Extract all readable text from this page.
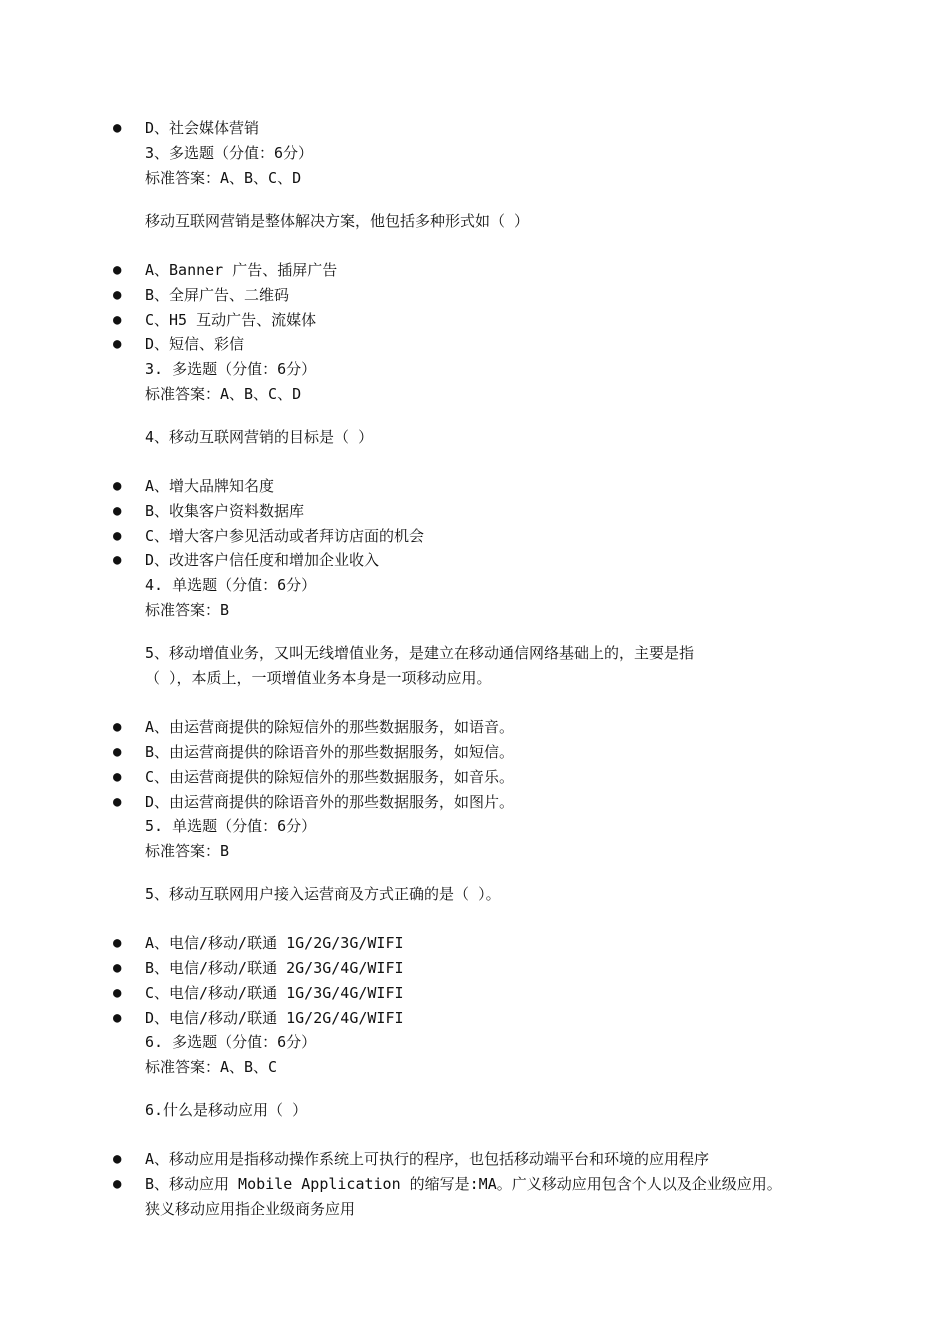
● D、社会媒体营销
3、多选题（分值：6分）
标准答案：A、B、C、D
移动互联网营销是整体解决方案，他包括多种形式如（ ）
● A、Banner 广告、插屏广告
● B、全屏广告、二维码
● C、H5 互动广告、流媒体
● D、短信、彩信
3. 多选题（分值：6分）
标准答案：A、B、C、D
4、移动互联网营销的目标是（ ）
● A、增大品牌知名度
● B、收集客户资料数据库
● C、增大客户参见活动或者拜访店面的机会
● D、改进客户信任度和增加企业收入
4. 单选题（分值：6分）
标准答案：B
5、移动增值业务，又叫无线增值业务，是建立在移动通信网络基础上的，主要是指
（ ），本质上，一项增值业务本身是一项移动应用。
● A、由运营商提供的除短信外的那些数据服务，如语音。
● B、由运营商提供的除语音外的那些数据服务，如短信。
● C、由运营商提供的除短信外的那些数据服务，如音乐。
● D、由运营商提供的除语音外的那些数据服务，如图片。
5. 单选题（分值：6分）
标准答案：B
5、移动互联网用户接入运营商及方式正确的是（ ）。
● A、电信/移动/联通 1G/2G/3G/WIFI
● B、电信/移动/联通 2G/3G/4G/WIFI
● C、电信/移动/联通 1G/3G/4G/WIFI
● D、电信/移动/联通 1G/2G/4G/WIFI
6. 多选题（分值：6分）
标准答案：A、B、C
6.什么是移动应用（ ）
● A、移动应用是指移动操作系统上可执行的程序，也包括移动端平台和环境的应用程序
● B、移动应用 Mobile Application 的缩写是:MA。广义移动应用包含个人以及企业级应用。
狭义移动应用指企业级商务应用
